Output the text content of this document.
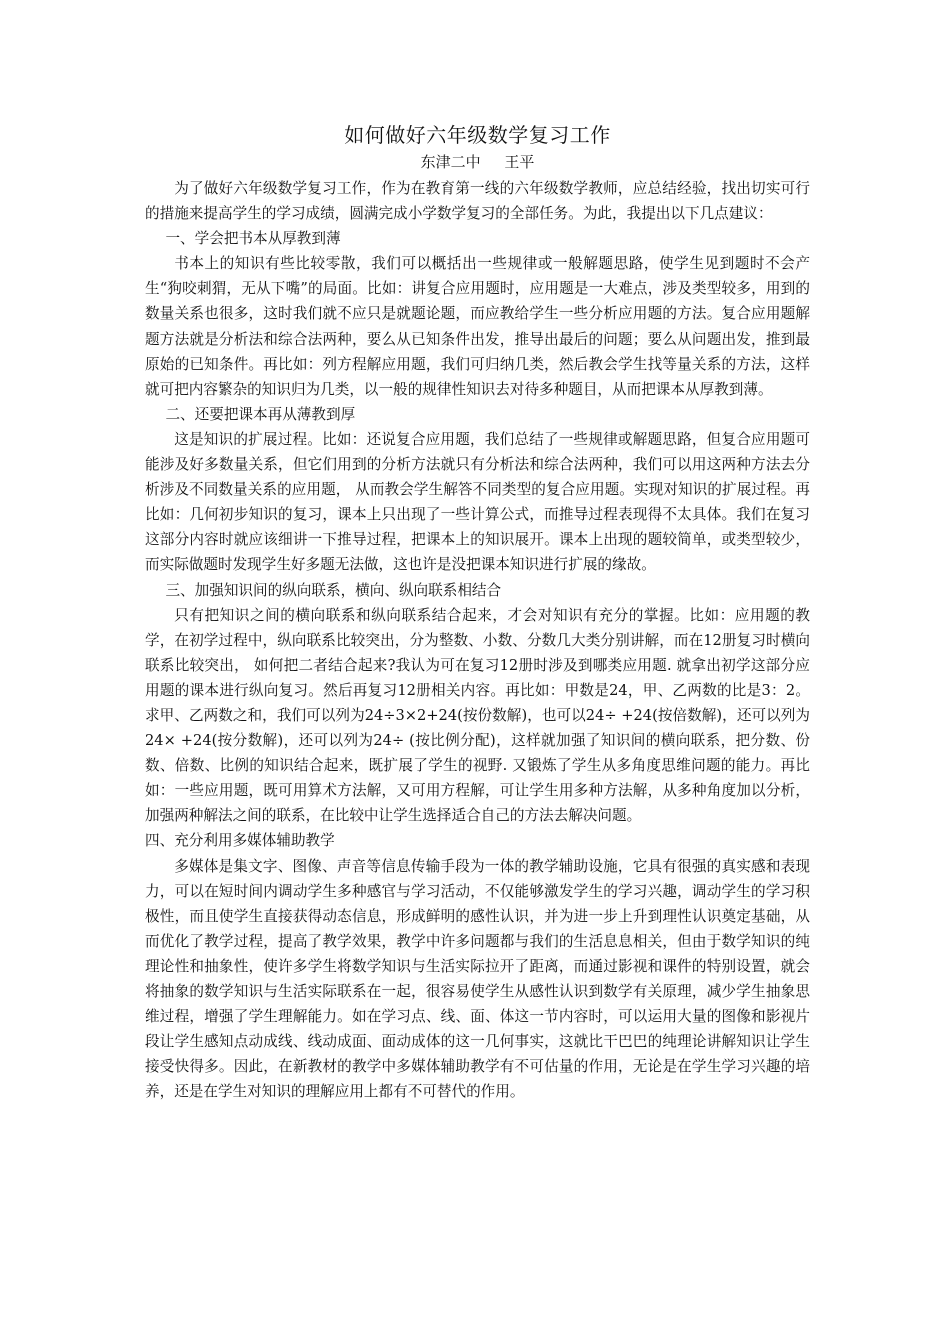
如何做好六年级数学复习工作
东津二中     王平

为了做好六年级数学复习工作，作为在教育第一线的六年级数学教师，应总结经验，找出切实可行的措施来提高学生的学习成绩，圆满完成小学数学复习的全部任务。为此，我提出以下几点建议：

一、学会把书本从厚教到薄

书本上的知识有些比较零散，我们可以概括出一些规律或一般解题思路，使学生见到题时不会产生“狗咬刺猬，无从下嘴”的局面。比如：讲复合应用题时，应用题是一大难点，涉及类型较多，用到的数量关系也很多，这时我们就不应只是就题论题，而应教给学生一些分析应用题的方法。复合应用题解题方法就是分析法和综合法两种，要么从已知条件出发，推导出最后的问题；要么从问题出发，推到最原始的已知条件。再比如：列方程解应用题，我们可归纳几类，然后教会学生找等量关系的方法，这样就可把内容繁杂的知识归为几类，以一般的规律性知识去对待多种题目，从而把课本从厚教到薄。

二、还要把课本再从薄教到厚

这是知识的扩展过程。比如：还说复合应用题，我们总结了一些规律或解题思路，但复合应用题可能涉及好多数量关系，但它们用到的分析方法就只有分析法和综合法两种，我们可以用这两种方法去分析涉及不同数量关系的应用题， 从而教会学生解答不同类型的复合应用题。实现对知识的扩展过程。再比如：几何初步知识的复习，课本上只出现了一些计算公式，而推导过程表现得不太具体。我们在复习这部分内容时就应该细讲一下推导过程，把课本上的知识展开。课本上出现的题较简单，或类型较少，而实际做题时发现学生好多题无法做，这也许是没把课本知识进行扩展的缘故。

三、加强知识间的纵向联系，横向、纵向联系相结合

只有把知识之间的横向联系和纵向联系结合起来，才会对知识有充分的掌握。比如：应用题的教学，在初学过程中，纵向联系比较突出，分为整数、小数、分数几大类分别讲解，而在12册复习时横向联系比较突出， 如何把二者结合起来?我认为可在复习12册时涉及到哪类应用题. 就拿出初学这部分应用题的课本进行纵向复习。然后再复习12册相关内容。再比如：甲数是24，甲、乙两数的比是3：2。求甲、乙两数之和，我们可以列为24÷3×2+24(按份数解)，也可以24÷ +24(按倍数解)，还可以列为24× +24(按分数解)，还可以列为24÷ (按比例分配)，这样就加强了知识间的横向联系，把分数、份数、倍数、比例的知识结合起来，既扩展了学生的视野. 又锻炼了学生从多角度思维问题的能力。再比如：一些应用题，既可用算术方法解，又可用方程解，可让学生用多种方法解，从多种角度加以分析，加强两种解法之间的联系，在比较中让学生选择适合自己的方法去解决问题。

四、充分利用多媒体辅助教学

多媒体是集文字、图像、声音等信息传输手段为一体的教学辅助设施，它具有很强的真实感和表现力，可以在短时间内调动学生多种感官与学习活动，不仅能够激发学生的学习兴趣，调动学生的学习积极性，而且使学生直接获得动态信息，形成鲜明的感性认识，并为进一步上升到理性认识奠定基础，从而优化了教学过程，提高了教学效果，教学中许多问题都与我们的生活息息相关，但由于数学知识的纯理论性和抽象性，使许多学生将数学知识与生活实际拉开了距离，而通过影视和课件的特别设置，就会将抽象的数学知识与生活实际联系在一起，很容易使学生从感性认识到数学有关原理，减少学生抽象思维过程，增强了学生理解能力。如在学习点、线、面、体这一节内容时，可以运用大量的图像和影视片段让学生感知点动成线、线动成面、面动成体的这一几何事实，这就比干巴巴的纯理论讲解知识让学生接受快得多。因此，在新教材的教学中多媒体辅助教学有不可估量的作用，无论是在学生学习兴趣的培养，还是在学生对知识的理解应用上都有不可替代的作用。
